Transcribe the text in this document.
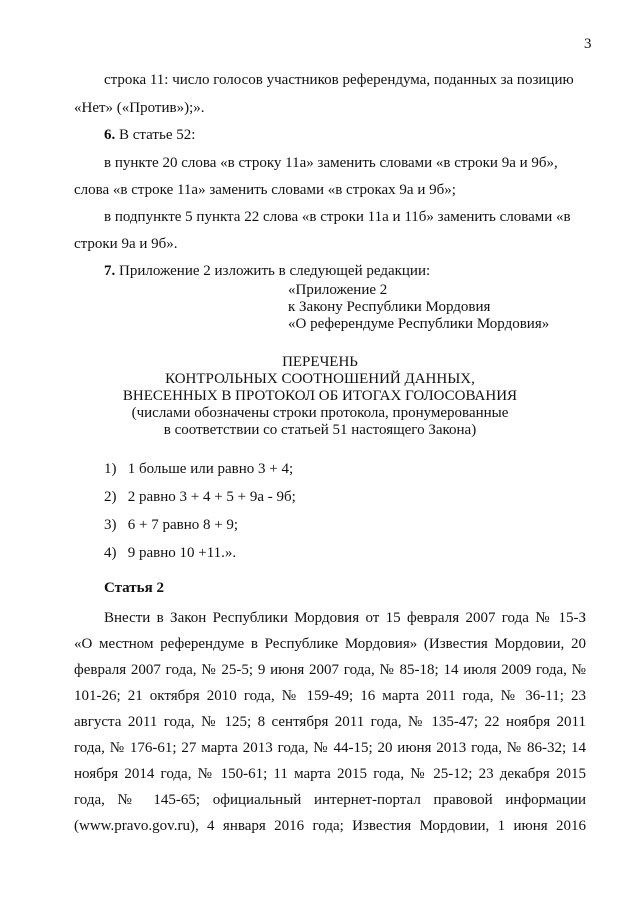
3
строка 11: число голосов участников референдума, поданных за позицию
«Нет» («Против»);».
6. В статье 52:
в пункте 20 слова «в строку 11а» заменить словами «в строки 9а и 9б»,
слова «в строке 11а» заменить словами «в строках 9а и 9б»;
в подпункте 5 пункта 22 слова «в строки 11а и 11б» заменить словами «в
строки 9а и 9б».
7. Приложение 2 изложить в следующей редакции:
«Приложение 2
к Закону Республики Мордовия
«О референдуме Республики Мордовия»
ПЕРЕЧЕНЬ
КОНТРОЛЬНЫХ СООТНОШЕНИЙ ДАННЫХ,
ВНЕСЕННЫХ В ПРОТОКОЛ ОБ ИТОГАХ ГОЛОСОВАНИЯ
(числами обозначены строки протокола, пронумерованные
в соответствии со статьей 51 настоящего Закона)
1) 1 больше или равно 3 + 4;
2) 2 равно 3 + 4 + 5 + 9а - 9б;
3) 6 + 7 равно 8 + 9;
4) 9 равно 10 +11.».
Статья 2
Внести в Закон Республики Мордовия от 15 февраля 2007 года № 15-З
«О местном референдуме в Республике Мордовия» (Известия Мордовии, 20
февраля 2007 года, № 25-5; 9 июня 2007 года, № 85-18; 14 июля 2009 года, №
101-26; 21 октября 2010 года, № 159-49; 16 марта 2011 года, № 36-11; 23
августа 2011 года, № 125; 8 сентября 2011 года, № 135-47; 22 ноября 2011
года, № 176-61; 27 марта 2013 года, № 44-15; 20 июня 2013 года, № 86-32; 14
ноября 2014 года, № 150-61; 11 марта 2015 года, № 25-12; 23 декабря 2015
года, № 145-65; официальный интернет-портал правовой информации
(www.pravo.gov.ru), 4 января 2016 года; Известия Мордовии, 1 июня 2016
